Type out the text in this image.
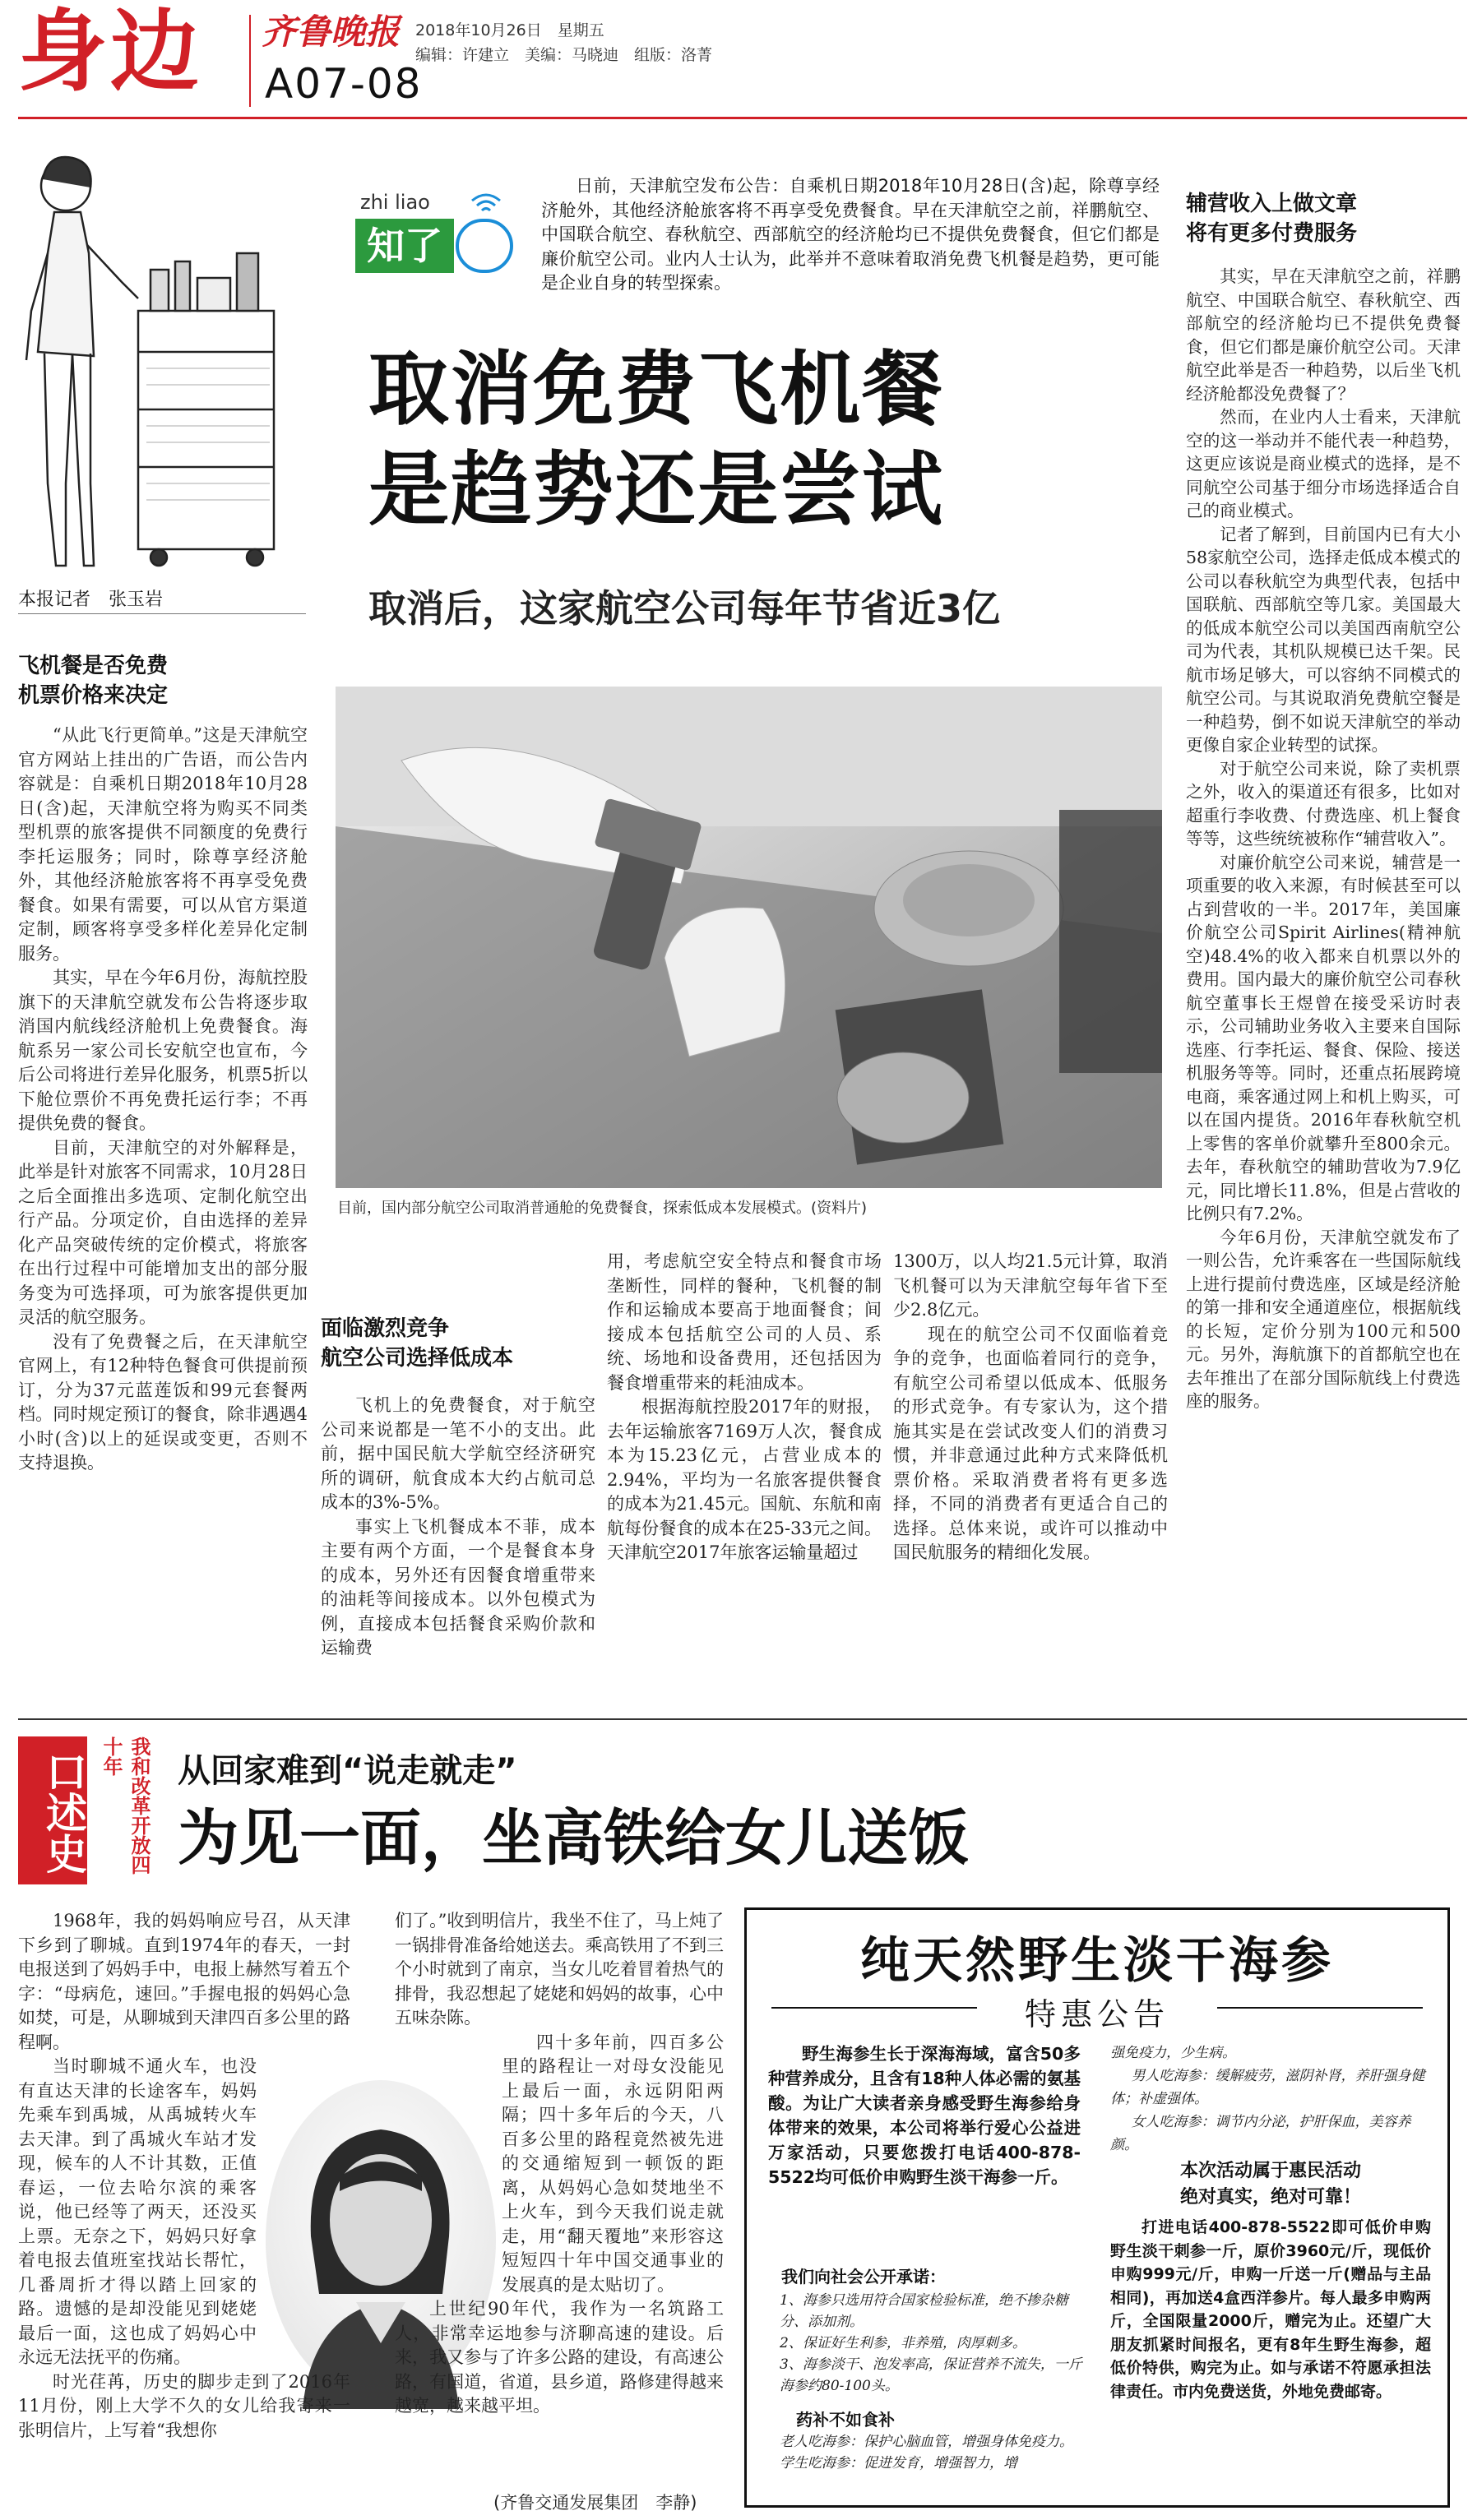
身边 齐鲁晚报
A07-08
2018年10月26日　星期五
编辑：许建立　美编：马晓迪　组版：洛菁
zhi liao
知了
日前，天津航空发布公告：自乘机日期2018年10月28日(含)起，除尊享经济舱外，其他经济舱旅客将不再享受免费餐食。早在天津航空之前，祥鹏航空、中国联合航空、春秋航空、西部航空的经济舱均已不提供免费餐食，但它们都是廉价航空公司。业内人士认为，此举并不意味着取消免费飞机餐是趋势，更可能是企业自身的转型探索。
取消免费飞机餐
是趋势还是尝试
取消后，这家航空公司每年节省近3亿
本报记者　张玉岩
目前，国内部分航空公司取消普通舱的免费餐食，探索低成本发展模式。(资料片)
飞机餐是否免费
机票价格来决定

“从此飞行更简单。”这是天津航空官方网站上挂出的广告语，而公告内容就是：自乘机日期2018年10月28日(含)起，天津航空将为购买不同类型机票的旅客提供不同额度的免费行李托运服务；同时，除尊享经济舱外，其他经济舱旅客将不再享受免费餐食。如果有需要，可以从官方渠道定制，顾客将享受多样化差异化定制服务。

其实，早在今年6月份，海航控股旗下的天津航空就发布公告将逐步取消国内航线经济舱机上免费餐食。海航系另一家公司长安航空也宣布，今后公司将进行差异化服务，机票5折以下舱位票价不再免费托运行李；不再提供免费的餐食。

目前，天津航空的对外解释是，此举是针对旅客不同需求，10月28日之后全面推出多选项、定制化航空出行产品。分项定价，自由选择的差异化产品突破传统的定价模式，将旅客在出行过程中可能增加支出的部分服务变为可选择项，可为旅客提供更加灵活的航空服务。

没有了免费餐之后，在天津航空官网上，有12种特色餐食可供提前预订，分为37元蓝莲饭和99元套餐两档。同时规定预订的餐食，除非遇遇4小时(含)以上的延误或变更，否则不支持退换。

面临激烈竞争
航空公司选择低成本

飞机上的免费餐食，对于航空公司来说都是一笔不小的支出。此前，据中国民航大学航空经济研究所的调研，航食成本大约占航司总成本的3%-5%。

事实上飞机餐成本不菲，成本主要有两个方面，一个是餐食本身的成本，另外还有因餐食增重带来的油耗等间接成本。以外包模式为例，直接成本包括餐食采购价款和运输费

用，考虑航空安全特点和餐食市场垄断性，同样的餐种，飞机餐的制作和运输成本要高于地面餐食；间接成本包括航空公司的人员、系统、场地和设备费用，还包括因为餐食增重带来的耗油成本。

根据海航控股2017年的财报，去年运输旅客7169万人次，餐食成本为15.23亿元，占营业成本的2.94%，平均为一名旅客提供餐食的成本为21.45元。国航、东航和南航每份餐食的成本在25-33元之间。天津航空2017年旅客运输量超过

1300万，以人均21.5元计算，取消飞机餐可以为天津航空每年省下至少2.8亿元。

现在的航空公司不仅面临着竞争的竞争，也面临着同行的竞争，有航空公司希望以低成本、低服务的形式竞争。有专家认为，这个措施其实是在尝试改变人们的消费习惯，并非意通过此种方式来降低机票价格。采取消费者将有更多选择，不同的消费者有更适合自己的选择。总体来说，或许可以推动中国民航服务的精细化发展。

辅营收入上做文章
将有更多付费服务

其实，早在天津航空之前，祥鹏航空、中国联合航空、春秋航空、西部航空的经济舱均已不提供免费餐食，但它们都是廉价航空公司。天津航空此举是否一种趋势，以后坐飞机经济舱都没免费餐了？

然而，在业内人士看来，天津航空的这一举动并不能代表一种趋势，这更应该说是商业模式的选择，是不同航空公司基于细分市场选择适合自己的商业模式。

记者了解到，目前国内已有大小58家航空公司，选择走低成本模式的公司以春秋航空为典型代表，包括中国联航、西部航空等几家。美国最大的低成本航空公司以美国西南航空公司为代表，其机队规模已达千架。民航市场足够大，可以容纳不同模式的航空公司。与其说取消免费航空餐是一种趋势，倒不如说天津航空的举动更像自家企业转型的试探。

对于航空公司来说，除了卖机票之外，收入的渠道还有很多，比如对超重行李收费、付费选座、机上餐食等等，这些统统被称作“辅营收入”。

对廉价航空公司来说，辅营是一项重要的收入来源，有时候甚至可以占到营收的一半。2017年，美国廉价航空公司Spirit Airlines(精神航空)48.4%的收入都来自机票以外的费用。国内最大的廉价航空公司春秋航空董事长王煜曾在接受采访时表示，公司辅助业务收入主要来自国际选座、行李托运、餐食、保险、接送机服务等等。同时，还重点拓展跨境电商，乘客通过网上和机上购买，可以在国内提货。2016年春秋航空机上零售的客单价就攀升至800余元。去年，春秋航空的辅助营收为7.9亿元，同比增长11.8%，但是占营收的比例只有7.2%。

今年6月份，天津航空就发布了一则公告，允许乘客在一些国际航线上进行提前付费选座，区域是经济舱的第一排和安全通道座位，根据航线的长短，定价分别为100元和500元。另外，海航旗下的首都航空也在去年推出了在部分国际航线上付费选座的服务。

口述史	我和改革开放四十年	从回家难到“说走就走”
为见一面，坐高铁给女儿送饭

1968年，我的妈妈响应号召，从天津下乡到了聊城。直到1974年的春天，一封电报送到了妈妈手中，电报上赫然写着五个字：“母病危，速回。”手握电报的妈妈心急如焚，可是，从聊城到天津四百多公里的路程啊。

当时聊城不通火车，也没有直达天津的长途客车，妈妈先乘车到禹城，从禹城转火车去天津。到了禹城火车站才发现，候车的人不计其数，正值春运，一位去哈尔滨的乘客说，他已经等了两天，还没买上票。无奈之下，妈妈只好拿着电报去值班室找站长帮忙，几番周折才得以踏上回家的路。遗憾的是却没能见到姥姥最后一面，这也成了妈妈心中永远无法抚平的伤痛。

时光荏苒，历史的脚步走到了2016年11月份，刚上大学不久的女儿给我寄来一张明信片，上写着“我想你

们了。”收到明信片，我坐不住了，马上炖了一锅排骨准备给她送去。乘高铁用了不到三个小时就到了南京，当女儿吃着冒着热气的排骨，我忍想起了姥姥和妈妈的故事，心中五味杂陈。

四十多年前，四百多公里的路程让一对母女没能见上最后一面，永远阴阳两隔；四十多年后的今天，八百多公里的路程竟然被先进的交通缩短到一顿饭的距离，从妈妈心急如焚地坐不上火车，到今天我们说走就走，用“翻天覆地”来形容这短短四十年中国交通事业的发展真的是太贴切了。

上世纪90年代，我作为一名筑路工人，非常幸运地参与济聊高速的建设。后来，我又参与了许多公路的建设，有高速公路，有国道，省道，县乡道，路修建得越来越宽，越来越平坦。

(齐鲁交通发展集团　李静)
纯天然野生淡干海参
特惠公告
野生海参生长于深海海域，富含50多种营养成分，且含有18种人体必需的氨基酸。为让广大读者亲身感受野生海参给身体带来的效果，本公司将举行爱心公益进万家活动，只要您拨打电话400-878-5522均可低价申购野生淡干海参一斤。
我们向社会公开承诺：
1、海参只选用符合国家检验标准，绝不掺杂糖分、添加剂。
2、保证好生利参，非养殖，肉厚刺多。
3、海参淡干、泡发率高，保证营养不流失，一斤海参约80-100头。
药补不如食补
老人吃海参：保护心脑血管，增强身体免疫力。
学生吃海参：促进发育，增强智力，增
强免疫力，少生病。
男人吃海参：缓解疲劳，滋阴补肾，养肝强身健体；补虚强体。
女人吃海参：调节内分泌，护肝保血，美容养颜。
本次活动属于惠民活动
绝对真实，绝对可靠！
打进电话400-878-5522即可低价申购野生淡干刺参一斤，原价3960元/斤，现低价申购999元/斤，申购一斤送一斤(赠品与主品相同)，再加送4盒西洋参片。每人最多申购两斤，全国限量2000斤，赠完为止。还望广大朋友抓紧时间报名，更有8年生野生海参，超低价特供，购完为止。如与承诺不符愿承担法律责任。市内免费送货，外地免费邮寄。
